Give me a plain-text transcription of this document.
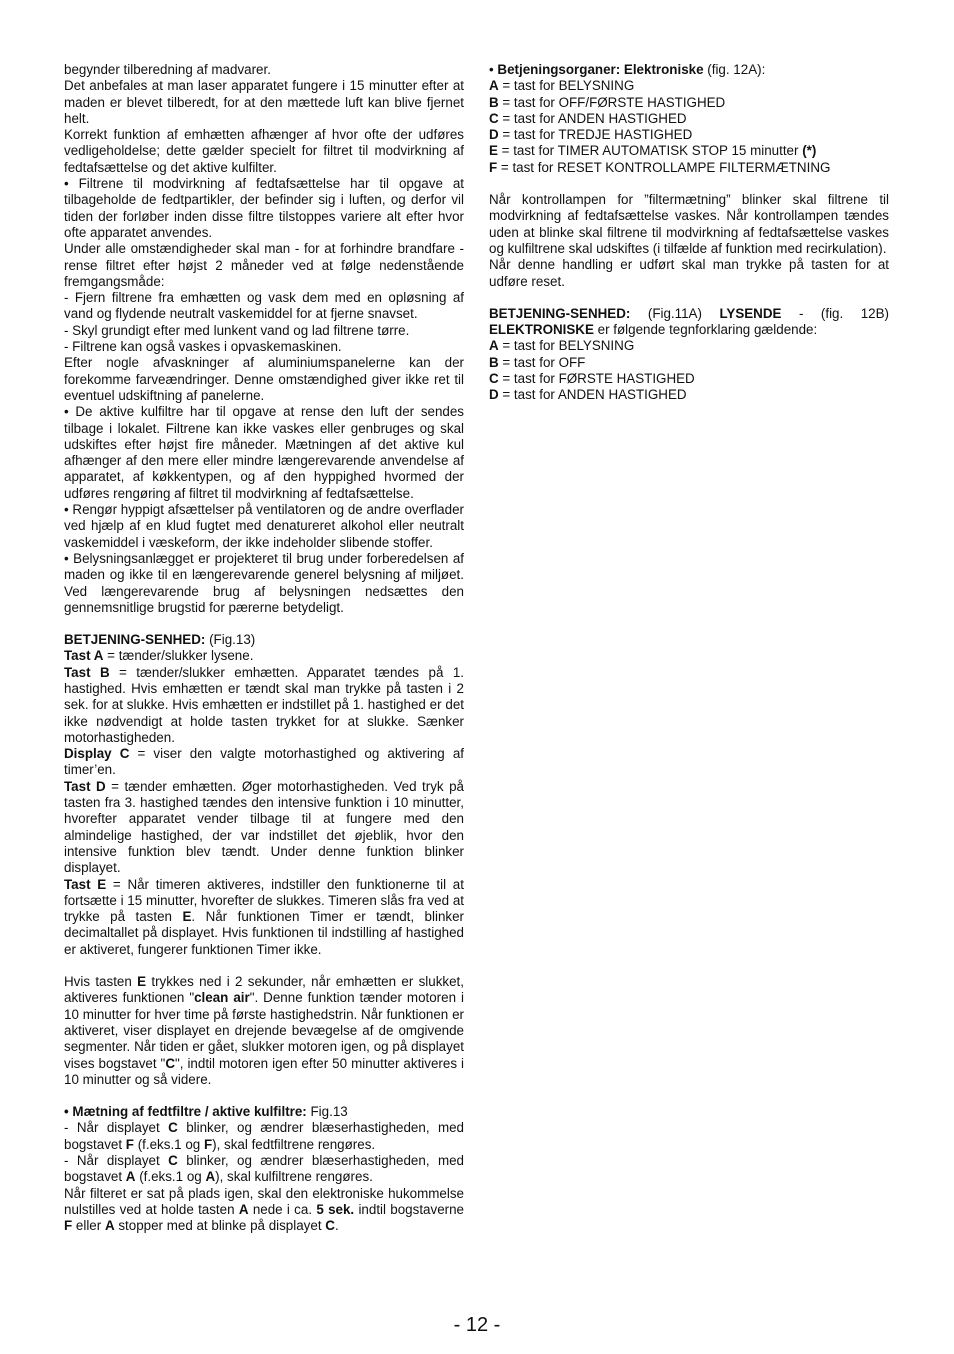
begynder tilberedning af madvarer.

Det anbefales at man laser apparatet fungere i 15 minutter efter at maden er blevet tilberedt, for at den mættede luft kan blive fjernet helt.

Korrekt funktion af emhætten afhænger af hvor ofte der udføres vedligeholdelse; dette gælder specielt for filtret til modvirkning af fedtafsættelse og det aktive kulfilter.

• Filtrene til modvirkning af fedtafsættelse har til opgave at tilbageholde de fedtpartikler, der befinder sig i luften, og derfor vil tiden der forløber inden disse filtre tilstoppes variere alt efter hvor ofte apparatet anvendes.

Under alle omstændigheder skal man - for at forhindre brandfare - rense filtret efter højst 2 måneder ved at følge nedenstående fremgangsmåde:

- Fjern filtrene fra emhætten og vask dem med en opløsning af vand og flydende neutralt vaskemiddel for at fjerne snavset.

- Skyl grundigt efter med lunkent vand og lad filtrene tørre.

- Filtrene kan også vaskes i opvaskemaskinen.

Efter nogle afvaskninger af aluminiumspanelerne kan der forekomme farveændringer. Denne omstændighed giver ikke ret til eventuel udskiftning af panelerne.

• De aktive kulfiltre har til opgave at rense den luft der sendes tilbage i lokalet. Filtrene kan ikke vaskes eller genbruges og skal udskiftes efter højst fire måneder. Mætningen af det aktive kul afhænger af den mere eller mindre længerevarende anvendelse af apparatet, af køkkentypen, og af den hyppighed hvormed der udføres rengøring af filtret til modvirkning af fedtafsættelse.

• Rengør hyppigt afsættelser på ventilatoren og de andre overflader ved hjælp af en klud fugtet med denatureret alkohol eller neutralt vaskemiddel i væskeform, der ikke indeholder slibende stoffer.

• Belysningsanlægget er projekteret til brug under forberedelsen af maden og ikke til en længerevarende generel belysning af miljøet. Ved længerevarende brug af belysningen nedsættes den gennemsnitlige brugstid for pærerne betydeligt.

BETJENING-SENHED: (Fig.13)

Tast A = tænder/slukker lysene.

Tast B = tænder/slukker emhætten. Apparatet tændes på 1. hastighed. Hvis emhætten er tændt skal man trykke på tasten i 2 sek. for at slukke. Hvis emhætten er indstillet på 1. hastighed er det ikke nødvendigt at holde tasten trykket for at slukke. Sænker motorhastigheden.

Display C = viser den valgte motorhastighed og aktivering af timer’en.

Tast D = tænder emhætten. Øger motorhastigheden. Ved tryk på tasten fra 3. hastighed tændes den intensive funktion i 10 minutter, hvorefter apparatet vender tilbage til at fungere med den almindelige hastighed, der var indstillet det øjeblik, hvor den intensive funktion blev tændt. Under denne funktion blinker displayet.

Tast E = Når timeren aktiveres, indstiller den funktionerne til at fortsætte i 15 minutter, hvorefter de slukkes. Timeren slås fra ved at trykke på tasten E. Når funktionen Timer er tændt, blinker decimaltallet på displayet. Hvis funktionen til indstilling af hastighed er aktiveret, fungerer funktionen Timer ikke.

Hvis tasten E trykkes ned i 2 sekunder, når emhætten er slukket, aktiveres funktionen "clean air". Denne funktion tænder motoren i 10 minutter for hver time på første hastighedstrin. Når funktionen er aktiveret, viser displayet en drejende bevægelse af de omgivende segmenter. Når tiden er gået, slukker motoren igen, og på displayet vises bogstavet "C", indtil motoren igen efter 50 minutter aktiveres i 10 minutter og så videre.

• Mætning af fedtfiltre / aktive kulfiltre: Fig.13

- Når displayet C blinker, og ændrer blæserhastigheden, med bogstavet F (f.eks.1 og F), skal fedtfiltrene rengøres.

- Når displayet C blinker, og ændrer blæserhastigheden, med bogstavet A (f.eks.1 og A), skal kulfiltrene rengøres.

Når filteret er sat på plads igen, skal den elektroniske hukommelse nulstilles ved at holde tasten A nede i ca. 5 sek. indtil bogstaverne F eller A stopper med at blinke på displayet C.

• Betjeningsorganer: Elektroniske (fig. 12A):

A = tast for BELYSNING

B = tast for OFF/FØRSTE HASTIGHED

C = tast for ANDEN HASTIGHED

D = tast for TREDJE HASTIGHED

E = tast for TIMER AUTOMATISK STOP 15 minutter (*)

F = tast for RESET KONTROLLAMPE FILTERMÆTNING

Når kontrollampen for ”filtermætning” blinker skal filtrene til modvirkning af fedtafsættelse vaskes. Når kontrollampen tændes uden at blinke skal filtrene til modvirkning af fedtafsættelse vaskes og kulfiltrene skal udskiftes (i tilfælde af funktion med recirkulation).

Når denne handling er udført skal man trykke på tasten for at udføre reset.

BETJENING-SENHED: (Fig.11A) LYSENDE - (fig. 12B) ELEKTRONISKE er følgende tegnforklaring gældende:

A = tast for BELYSNING

B = tast for OFF

C = tast for FØRSTE HASTIGHED

D = tast for ANDEN HASTIGHED

- 12 -
